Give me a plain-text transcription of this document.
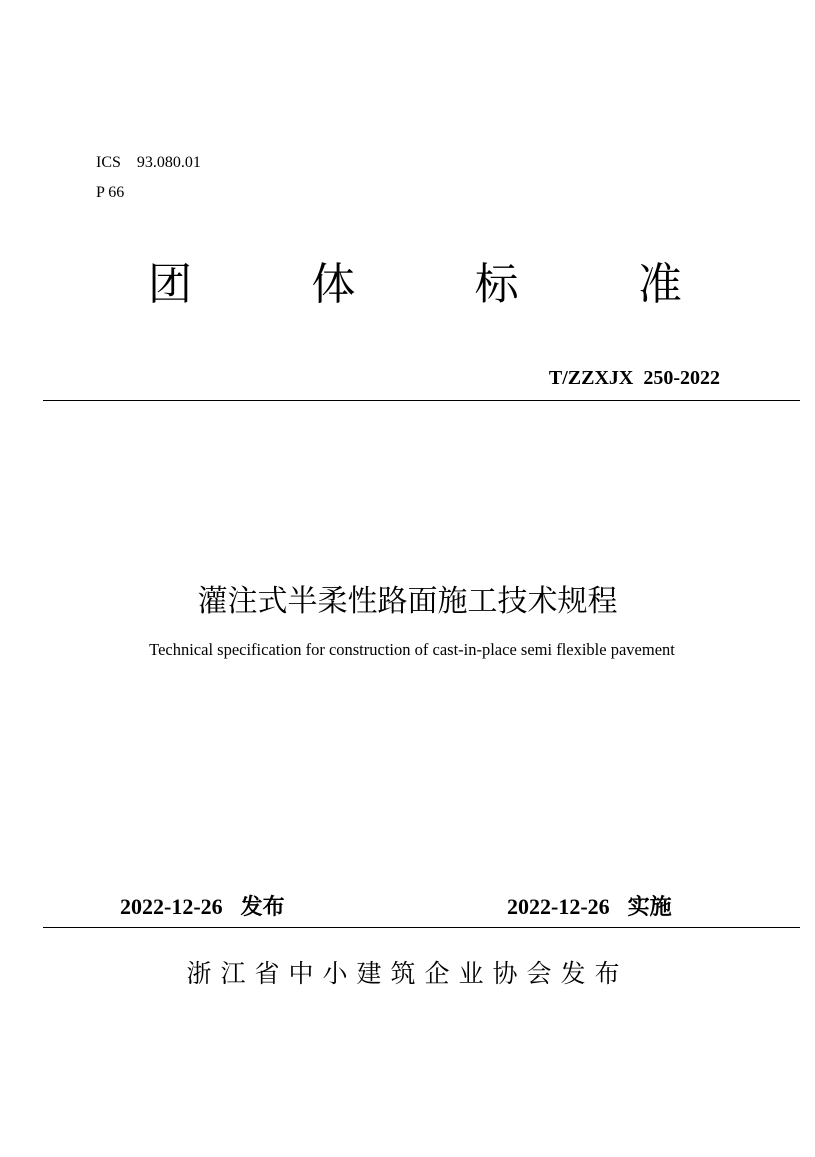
ICS    93.080.01
P 66
团	体	标	准
T/ZZXJX  250-2022
灌注式半柔性路面施工技术规程
Technical specification for construction of cast-in-place semi flexible pavement
2022-12-26 发布	2022-12-26 实施
浙江省中小建筑企业协会发布
